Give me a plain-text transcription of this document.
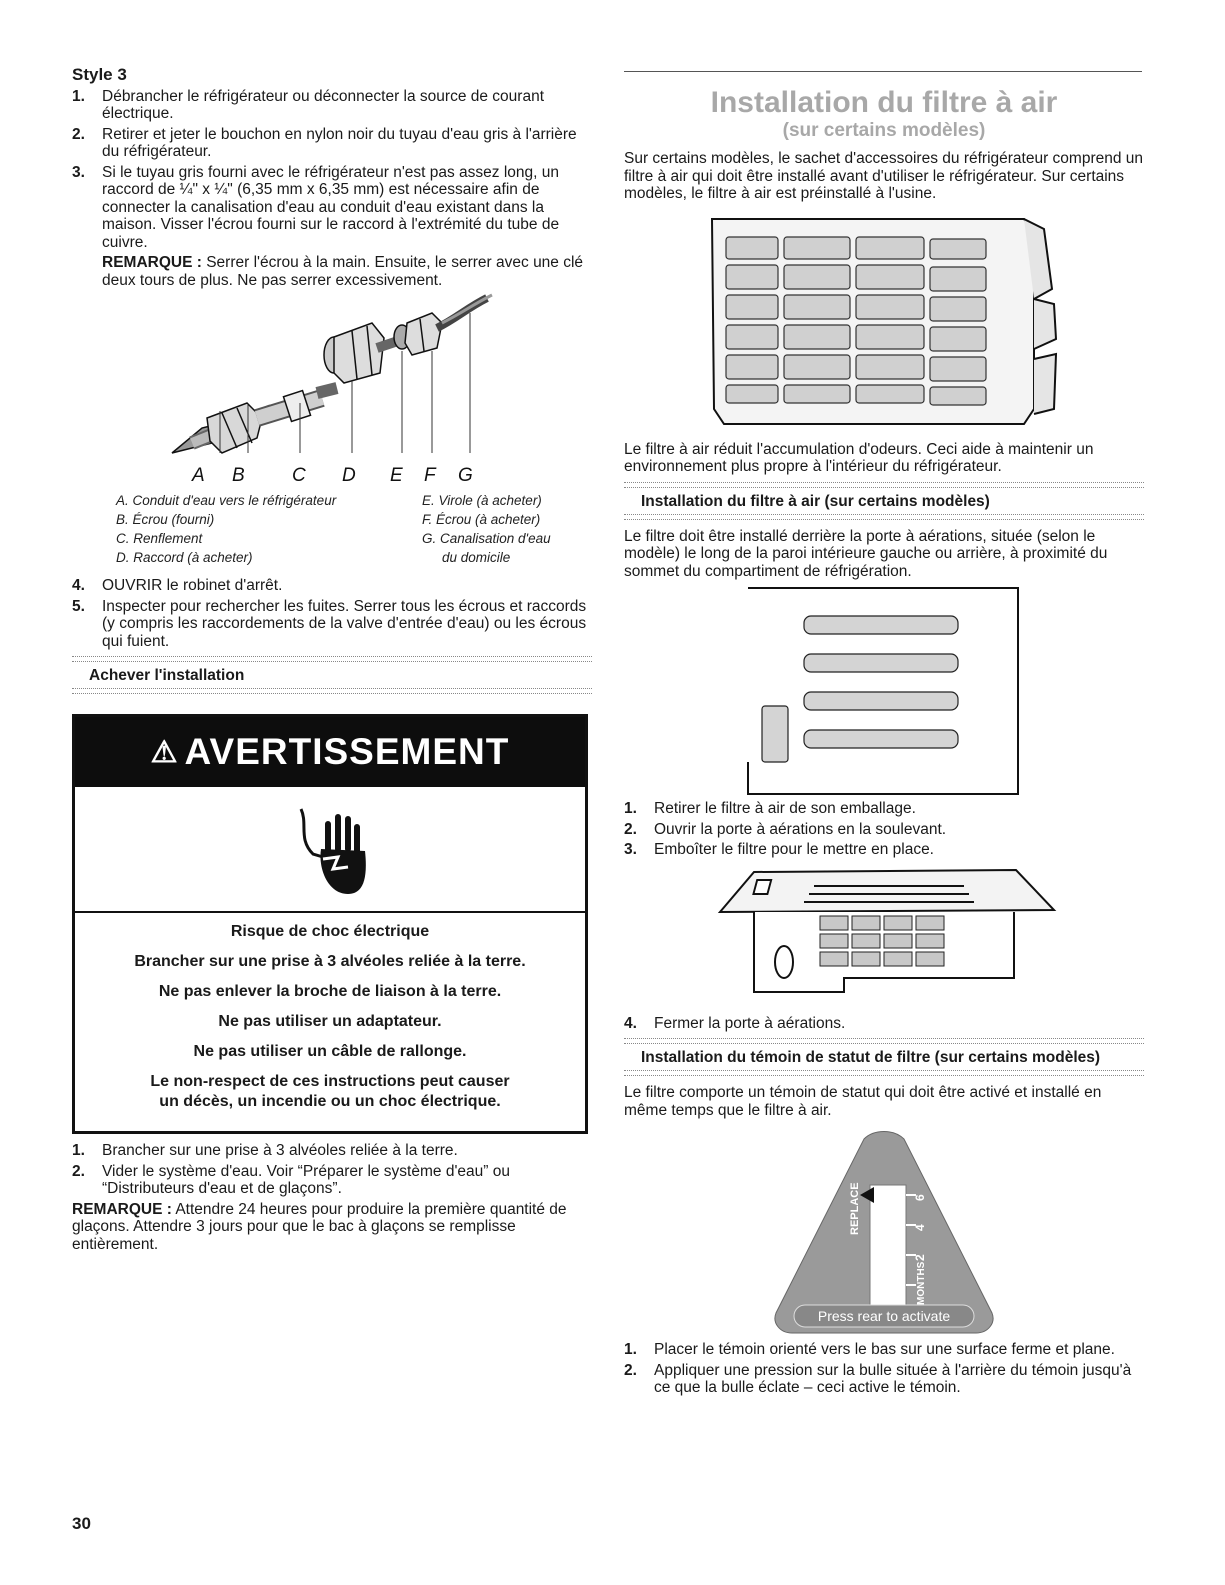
Style 3

1. Débrancher le réfrigérateur ou déconnecter la source de courant électrique.
2. Retirer et jeter le bouchon en nylon noir du tuyau d'eau gris à l'arrière du réfrigérateur.
3. Si le tuyau gris fourni avec le réfrigérateur n'est pas assez long, un raccord de ¼" x ¼" (6,35 mm x 6,35 mm) est nécessaire afin de connecter la canalisation d'eau au conduit d'eau existant dans la maison. Visser l'écrou fourni sur le raccord à l'extrémité du tube de cuivre.

REMARQUE : Serrer l'écrou à la main. Ensuite, le serrer avec une clé deux tours de plus. Ne pas serrer excessivement.

A B C D E F G
A. Conduit d'eau vers le réfrigérateur
B. Écrou (fourni)
C. Renflement
D. Raccord (à acheter)
E. Virole (à acheter)
F. Écrou (à acheter)
G. Canalisation d'eau
du domicile
4. OUVRIR le robinet d'arrêt.
5. Inspecter pour rechercher les fuites. Serrer tous les écrous et raccords (y compris les raccordements de la valve d'entrée d'eau) ou les écrous qui fuient.
Achever l'installation
⚠ AVERTISSEMENT
Risque de choc électrique
Brancher sur une prise à 3 alvéoles reliée à la terre.
Ne pas enlever la broche de liaison à la terre.
Ne pas utiliser un adaptateur.
Ne pas utiliser un câble de rallonge.
Le non-respect de ces instructions peut causer
un décès, un incendie ou un choc électrique.
1. Brancher sur une prise à 3 alvéoles reliée à la terre.
2. Vider le système d'eau. Voir “Préparer le système d'eau” ou “Distributeurs d'eau et de glaçons”.

REMARQUE : Attendre 24 heures pour produire la première quantité de glaçons. Attendre 3 jours pour que le bac à glaçons se remplisse entièrement.

Installation du filtre à air
(sur certains modèles)

Sur certains modèles, le sachet d'accessoires du réfrigérateur comprend un filtre à air qui doit être installé avant d'utiliser le réfrigérateur. Sur certains modèles, le filtre à air est préinstallé à l'usine.

Le filtre à air réduit l'accumulation d'odeurs. Ceci aide à maintenir un environnement plus propre à l'intérieur du réfrigérateur.

Installation du filtre à air (sur certains modèles)

Le filtre doit être installé derrière la porte à aérations, située (selon le modèle) le long de la paroi intérieure gauche ou arrière, à proximité du sommet du compartiment de réfrigération.

1. Retirer le filtre à air de son emballage.
2. Ouvrir la porte à aérations en la soulevant.
3. Emboîter le filtre pour le mettre en place.
4. Fermer la porte à aérations.
Installation du témoin de statut de filtre (sur certains modèles)

Le filtre comporte un témoin de statut qui doit être activé et installé en même temps que le filtre à air.

REPLACE
MONTHS
6
4
2
Press rear to activate
1. Placer le témoin orienté vers le bas sur une surface ferme et plane.
2. Appliquer une pression sur la bulle située à l'arrière du témoin jusqu'à ce que la bulle éclate – ceci active le témoin.
30
